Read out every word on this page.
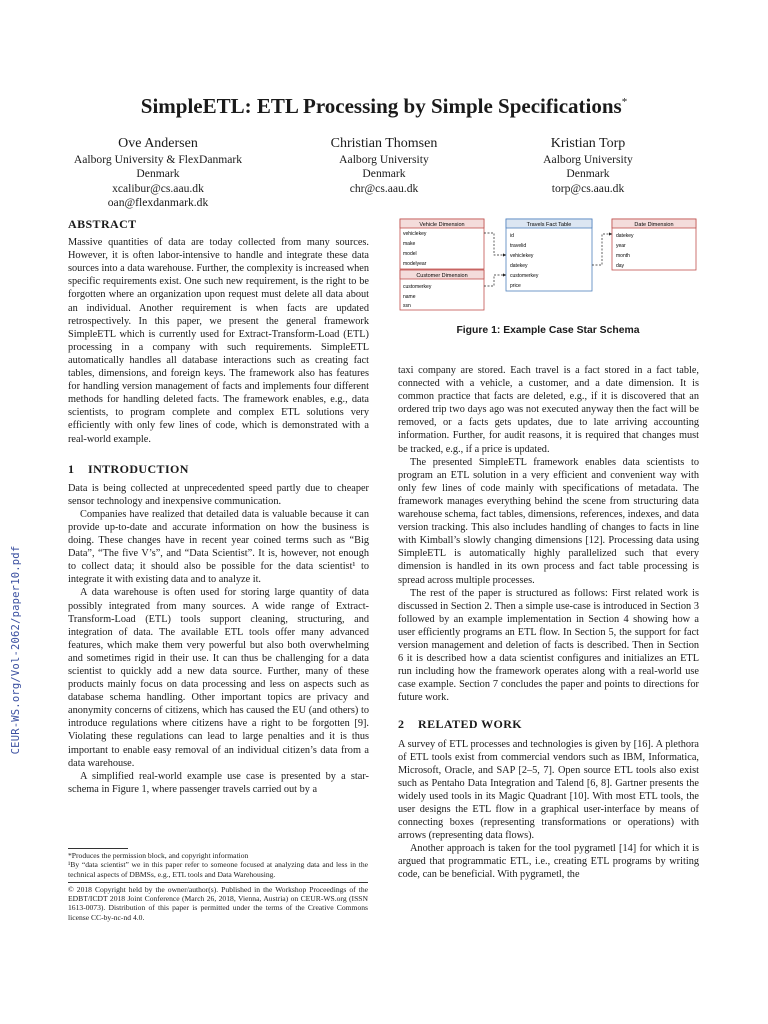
CEUR-WS.org/Vol-2062/paper10.pdf
SimpleETL: ETL Processing by Simple Specifications*
Ove Andersen
Aalborg University & FlexDanmark
Denmark
xcalibur@cs.aau.dk
oan@flexdanmark.dk
Christian Thomsen
Aalborg University
Denmark
chr@cs.aau.dk
Kristian Torp
Aalborg University
Denmark
torp@cs.aau.dk

ABSTRACT

Massive quantities of data are today collected from many sources. However, it is often labor-intensive to handle and integrate these data sources into a data warehouse. Further, the complexity is increased when specific requirements exist. One such new requirement, is the right to be forgotten where an organization upon request must delete all data about an individual. Another requirement is when facts are updated retrospectively. In this paper, we present the general framework SimpleETL which is currently used for Extract-Transform-Load (ETL) processing in a company with such requirements. SimpleETL automatically handles all database interactions such as creating fact tables, dimensions, and foreign keys. The framework also has features for handling version management of facts and implements four different methods for handling deleted facts. The framework enables, e.g., data scientists, to program complete and complex ETL solutions very efficiently with only few lines of code, which is demonstrated with a real-world example.

1 INTRODUCTION

Data is being collected at unprecedented speed partly due to cheaper sensor technology and inexpensive communication.

Companies have realized that detailed data is valuable because it can provide up-to-date and accurate information on how the business is doing. These changes have in recent year coined terms such as “Big Data”, “The five V’s”, and “Data Scientist”. It is, however, not enough to collect data; it should also be possible for the data scientist¹ to integrate it with existing data and to analyze it.

A data warehouse is often used for storing large quantity of data possibly integrated from many sources. A wide range of Extract-Transform-Load (ETL) tools support cleaning, structuring, and integration of data. The available ETL tools offer many advanced features, which make them very powerful but also both overwhelming and sometimes rigid in their use. It can thus be challenging for a data scientist to quickly add a new data source. Further, many of these products mainly focus on data processing and less on aspects such as database schema handling. Other important topics are privacy and anonymity concerns of citizens, which has caused the EU (and others) to introduce regulations where citizens have a right to be forgotten [9]. Violating these regulations can lead to large penalties and it is thus important to enable easy removal of an individual citizen’s data from a data warehouse.

A simplified real-world example use case is presented by a star-schema in Figure 1, where passenger travels carried out by a

Vehicle Dimension
vehiclekey
make
model
modelyear
Customer Dimension
customerkey
name
ssn
Travels Fact Table
id
travelid
vehiclekey
datekey
customerkey
price
Date Dimension
datekey
year
month
day
Figure 1: Example Case Star Schema

taxi company are stored. Each travel is a fact stored in a fact table, connected with a vehicle, a customer, and a date dimension. It is common practice that facts are deleted, e.g., if it is discovered that an ordered trip two days ago was not executed anyway then the fact will be removed, or a facts gets updates, due to late arriving accounting information. Further, for audit reasons, it is required that changes must be tracked, e.g., if a price is updated.

The presented SimpleETL framework enables data scientists to program an ETL solution in a very efficient and convenient way with only few lines of code mainly with specifications of metadata. The framework manages everything behind the scene from structuring data warehouse schema, fact tables, dimensions, references, indexes, and data version tracking. This also includes handling of changes to facts in line with Kimball’s slowly changing dimensions [12]. Processing data using SimpleETL is automatically highly parallelized such that every dimension is handled in its own process and fact table processing is spread across multiple processes.

The rest of the paper is structured as follows: First related work is discussed in Section 2. Then a simple use-case is introduced in Section 3 followed by an example implementation in Section 4 showing how a user efficiently programs an ETL flow. In Section 5, the support for fact version management and deletion of facts is described. Then in Section 6 it is described how a data scientist configures and initializes an ETL run including how the framework operates along with a real-world use case example. Section 7 concludes the paper and points to directions for future work.

2 RELATED WORK

A survey of ETL processes and technologies is given by [16]. A plethora of ETL tools exist from commercial vendors such as IBM, Informatica, Microsoft, Oracle, and SAP [2–5, 7]. Open source ETL tools also exist such as Pentaho Data Integration and Talend [6, 8]. Gartner presents the widely used tools in its Magic Quadrant [10]. With most ETL tools, the user designs the ETL flow in a graphical user-interface by means of connecting boxes (representing transformations or operations) with arrows (representing data flows).

Another approach is taken for the tool pygrametl [14] for which it is argued that programmatic ETL, i.e., creating ETL programs by writing code, can be beneficial. With pygrametl, the

*Produces the permission block, and copyright information

¹By “data scientist” we in this paper refer to someone focused at analyzing data and less in the technical aspects of DBMSs, e.g., ETL tools and Data Warehousing.

© 2018 Copyright held by the owner/author(s). Published in the Workshop Proceedings of the EDBT/ICDT 2018 Joint Conference (March 26, 2018, Vienna, Austria) on CEUR-WS.org (ISSN 1613-0073). Distribution of this paper is permitted under the terms of the Creative Commons license CC-by-nc-nd 4.0.
